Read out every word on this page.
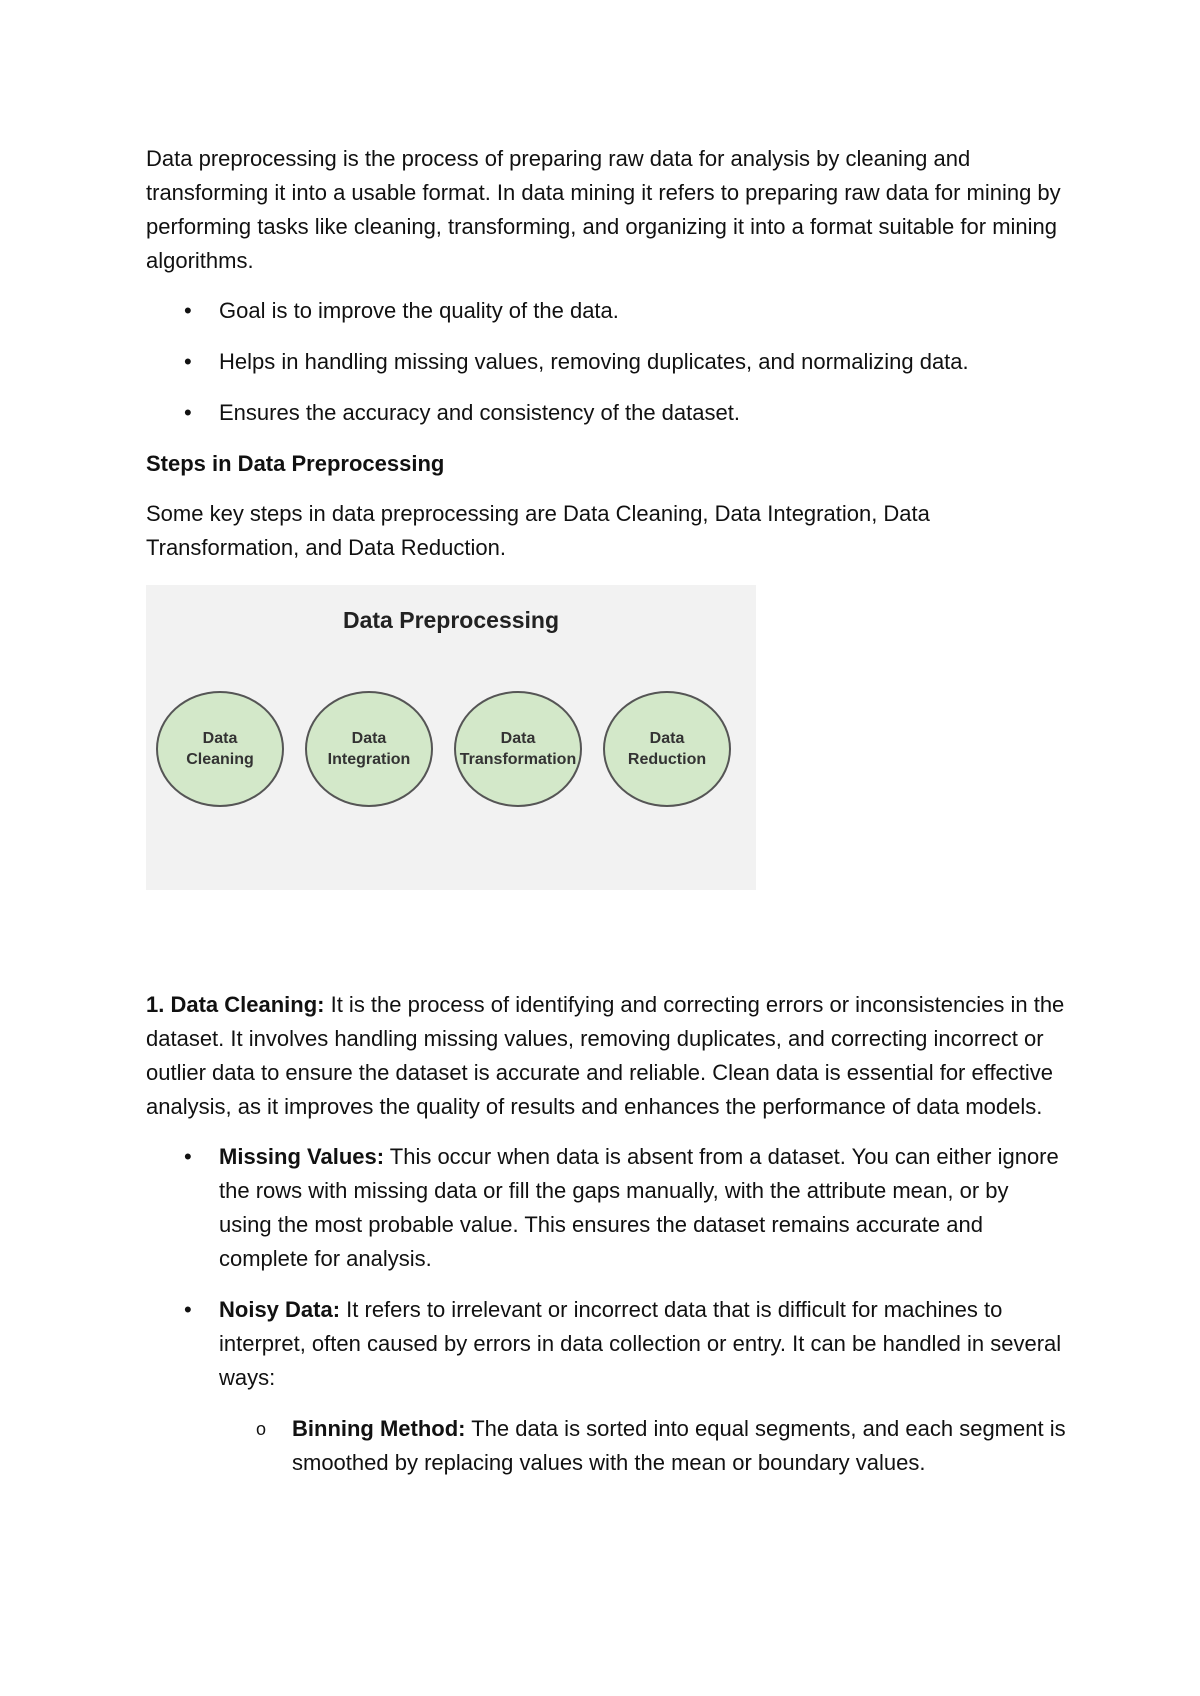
Data preprocessing is the process of preparing raw data for analysis by cleaning and transforming it into a usable format. In data mining it refers to preparing raw data for mining by performing tasks like cleaning, transforming, and organizing it into a format suitable for mining algorithms.

• Goal is to improve the quality of the data.
• Helps in handling missing values, removing duplicates, and normalizing data.
• Ensures the accuracy and consistency of the dataset.

Steps in Data Preprocessing

Some key steps in data preprocessing are Data Cleaning, Data Integration, Data Transformation, and Data Reduction.

Data Preprocessing
Data
Cleaning
Data
Integration
Data
Transformation
Data
Reduction

1. Data Cleaning: It is the process of identifying and correcting errors or inconsistencies in the dataset. It involves handling missing values, removing duplicates, and correcting incorrect or outlier data to ensure the dataset is accurate and reliable. Clean data is essential for effective analysis, as it improves the quality of results and enhances the performance of data models.

• Missing Values: This occur when data is absent from a dataset. You can either ignore the rows with missing data or fill the gaps manually, with the attribute mean, or by using the most probable value. This ensures the dataset remains accurate and complete for analysis.
• Noisy Data: It refers to irrelevant or incorrect data that is difficult for machines to interpret, often caused by errors in data collection or entry. It can be handled in several ways:
o Binning Method: The data is sorted into equal segments, and each segment is smoothed by replacing values with the mean or boundary values.
